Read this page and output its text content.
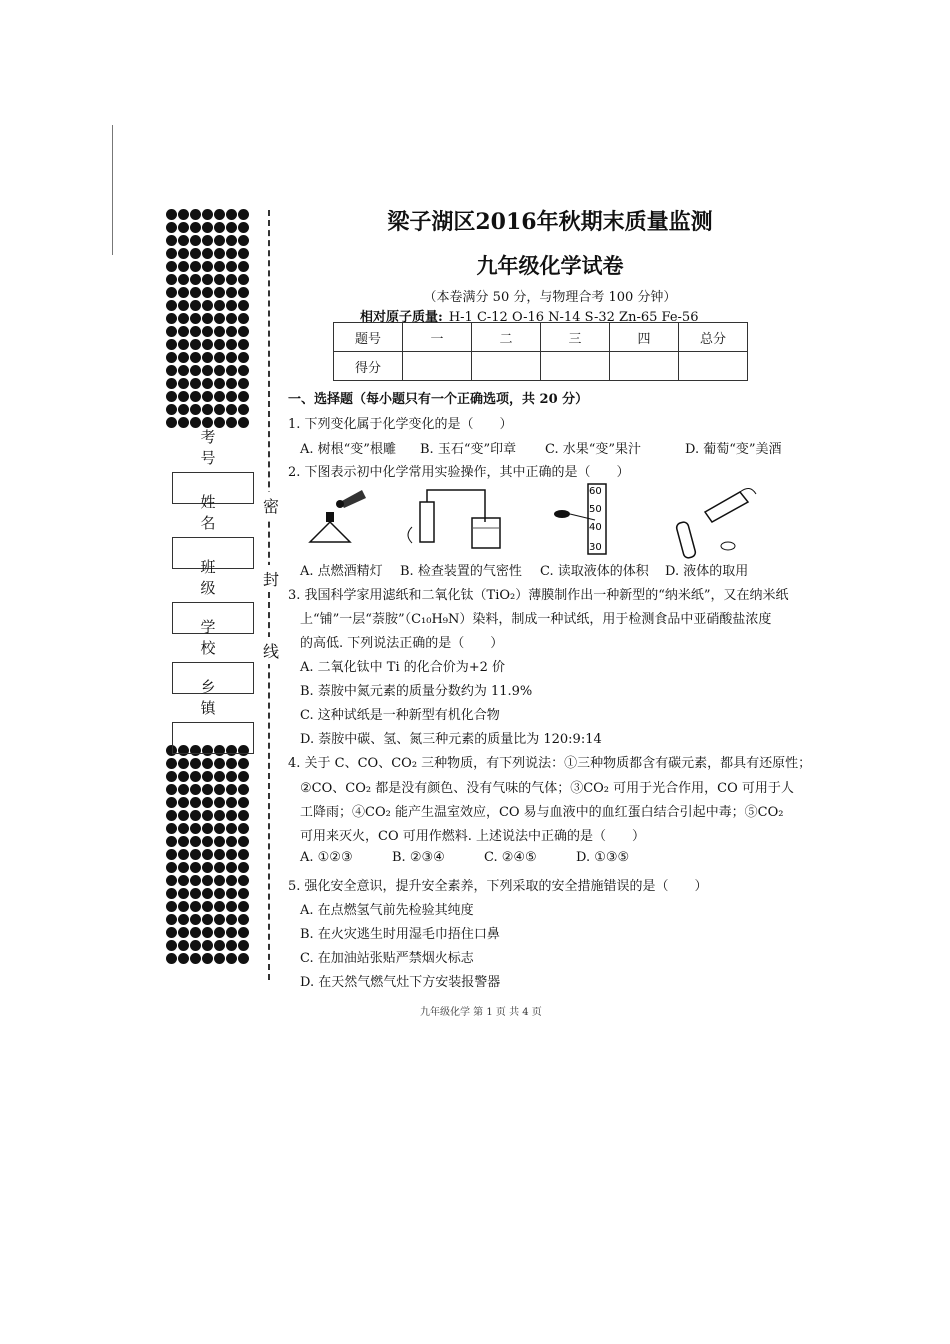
密
封
线
考号
姓名
班级
学校
乡镇
梁子湖区2016年秋期末质量监测
九年级化学试卷
（本卷满分 50 分，与物理合考 100 分钟）
相对原子质量: H-1 C-12 O-16 N-14 S-32 Zn-65 Fe-56
题号	一	二	三	四	总分
得分					
一、选择题（每小题只有一个正确选项，共 20 分）
1. 下列变化属于化学变化的是（　　）
A. 树根“变”根雕 B. 玉石“变”印章 C. 水果“变”果汁	D. 葡萄“变”美酒
2. 下图表示初中化学常用实验操作，其中正确的是（　　）
60
50
40
30
A. 点燃酒精灯 B. 检查装置的气密性 C. 读取液体的体积 D. 液体的取用
3. 我国科学家用滤纸和二氧化钛（TiO₂）薄膜制作出一种新型的“纳米纸”，又在纳米纸
上“铺”一层“萘胺”（C₁₀H₉N）染料，制成一种试纸，用于检测食品中亚硝酸盐浓度
的高低. 下列说法正确的是（　　）
A. 二氧化钛中 Ti 的化合价为+2 价
B. 萘胺中氮元素的质量分数约为 11.9%
C. 这种试纸是一种新型有机化合物
D. 萘胺中碳、氢、氮三种元素的质量比为 120:9:14
4. 关于 C、CO、CO₂ 三种物质，有下列说法：①三种物质都含有碳元素，都具有还原性；
②CO、CO₂ 都是没有颜色、没有气味的气体；③CO₂ 可用于光合作用，CO 可用于人
工降雨；④CO₂ 能产生温室效应，CO 易与血液中的血红蛋白结合引起中毒；⑤CO₂
可用来灭火，CO 可用作燃料. 上述说法中正确的是（　　）
A. ①②③	B. ②③④	C. ②④⑤	D. ①③⑤
5. 强化安全意识，提升安全素养，下列采取的安全措施错误的是（　　）
A. 在点燃氢气前先检验其纯度
B. 在火灾逃生时用湿毛巾捂住口鼻
C. 在加油站张贴严禁烟火标志
D. 在天然气燃气灶下方安装报警器
九年级化学 第 1 页 共 4 页
